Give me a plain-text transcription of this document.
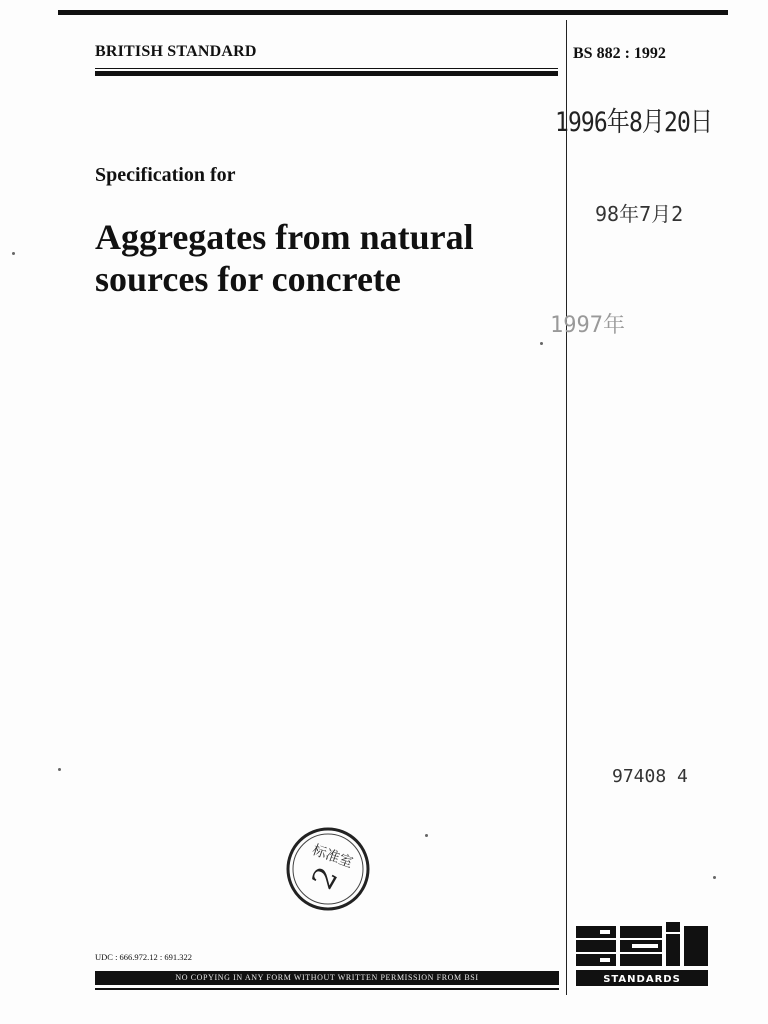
BRITISH STANDARD	BS 882 : 1992
Specification for
Aggregates from natural sources for concrete
1996年8月20日
98年7月2
1997年
97408 4
标准室
2
UDC : 666.972.12 : 691.322
NO COPYING IN ANY FORM WITHOUT WRITTEN PERMISSION FROM BSI	STANDARDS
